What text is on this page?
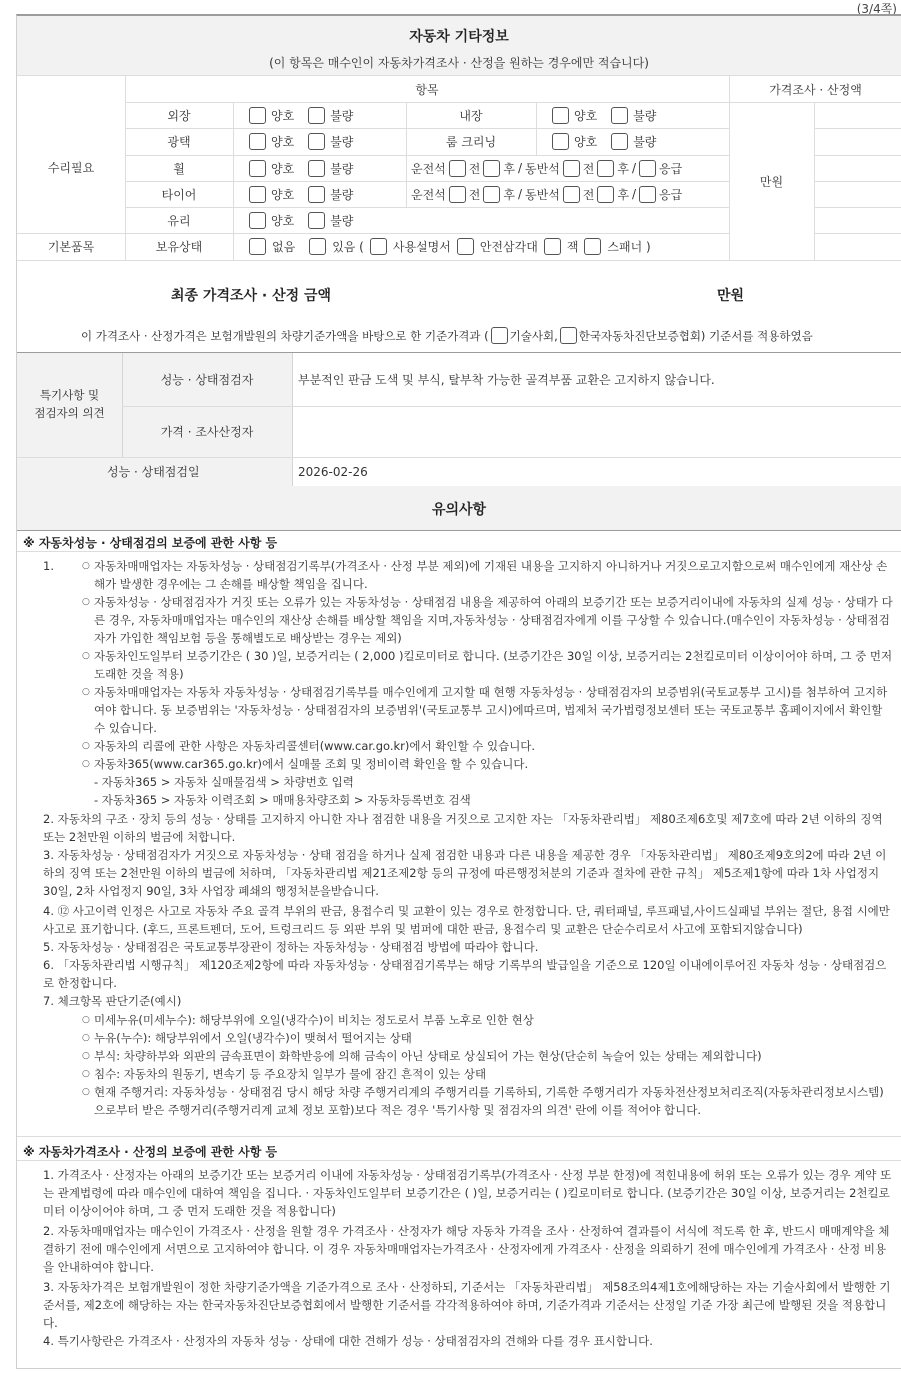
(3/4쪽)
자동차 기타정보
(이 항목은 매수인이 자동차가격조사 · 산정을 원하는 경우에만 적습니다)
항목	가격조사 · 산정액
수리필요
기본품목
외장
광택
휠
타이어
유리
보유상태
양호	불량
양호	불량
양호	불량
양호	불량
양호	불량
내장
룸 크리닝
양호	불량
양호	불량
운전석 전 후 / 동반석 전 후 / 응급
운전석 전 후 / 동반석 전 후 / 응급
없음	있음 ( 사용설명서 안전삼각대 잭 스패너 )
만원
최종 가격조사 · 산정 금액	만원
이 가격조사 · 산정가격은 보험개발원의 차량기준가액을 바탕으로 한 기준가격과 ( 기술사회, 한국자동차진단보증협회) 기준서를 적용하였음
특기사항 및
점검자의 의견
성능 · 상태점검자	부분적인 판금 도색 및 부식, 탈부착 가능한 골격부품 교환은 고지하지 않습니다.
가격 · 조사산정자
성능 · 상태점검일	2026-02-26
유의사항
※ 자동차성능 · 상태점검의 보증에 관한 사항 등
1.
○	자동차매매업자는 자동차성능 · 상태점검기록부(가격조사 · 산정 부분 제외)에 기재된 내용을 고지하지 아니하거나 거짓으로고지함으로써 매수인에게 재산상 손해가 발생한 경우에는 그 손해를 배상할 책임을 집니다.
○ 자동차성능 · 상태점검자가 거짓 또는 오류가 있는 자동차성능 · 상태점검 내용을 제공하여 아래의 보증기간 또는 보증거리이내에 자동차의 실제 성능 · 상태가 다른 경우, 자동차매매업자는 매수인의 재산상 손해를 배상할 책임을 지며,자동차성능 · 상태점검자에게 이를 구상할 수 있습니다.(매수인이 자동차성능 · 상태점검자가 가입한 책임보험 등을 통해별도로 배상받는 경우는 제외)
○ 자동차인도일부터 보증기간은 ( 30 )일, 보증거리는 ( 2,000 )킬로미터로 합니다. (보증기간은 30일 이상, 보증거리는 2천킬로미터 이상이어야 하며, 그 중 먼저 도래한 것을 적용)
○ 자동차매매업자는 자동차 자동차성능 · 상태점검기록부를 매수인에게 고지할 때 현행 자동차성능 · 상태점검자의 보증범위(국토교통부 고시)를 첨부하여 고지하여야 합니다. 동 보증범위는 '자동차성능 · 상태점검자의 보증범위'(국토교통부 고시)에따르며, 법제처 국가법령정보센터 또는 국토교통부 홈페이지에서 확인할 수 있습니다.
○ 자동차의 리콜에 관한 사항은 자동차리콜센터(www.car.go.kr)에서 확인할 수 있습니다.
○ 자동차365(www.car365.go.kr)에서 실매물 조회 및 정비이력 확인을 할 수 있습니다.
- 자동차365 > 자동차 실매물검색 > 차량번호 입력
- 자동차365 > 자동차 이력조회 > 매매용차량조회 > 자동차등록번호 검색
2. 자동차의 구조 · 장치 등의 성능 · 상태를 고지하지 아니한 자나 점검한 내용을 거짓으로 고지한 자는 「자동차관리법」 제80조제6호및 제7호에 따라 2년 이하의 징역 또는 2천만원 이하의 벌금에 처합니다.
3. 자동차성능 · 상태점검자가 거짓으로 자동차성능 · 상태 점검을 하거나 실제 점검한 내용과 다른 내용을 제공한 경우 「자동차관리법」 제80조제9호의2에 따라 2년 이하의 징역 또는 2천만원 이하의 벌금에 처하며, 「자동차관리법 제21조제2항 등의 규정에 따른행정처분의 기준과 절차에 관한 규칙」 제5조제1항에 따라 1차 사업정지 30일, 2차 사업정지 90일, 3차 사업장 폐쇄의 행정처분을받습니다.
4. ⑫ 사고이력 인정은 사고로 자동차 주요 골격 부위의 판금, 용접수리 및 교환이 있는 경우로 한정합니다. 단, 쿼터패널, 루프패널,사이드실패널 부위는 절단, 용접 시에만 사고로 표기합니다. (후드, 프론트펜더, 도어, 트렁크리드 등 외판 부위 및 범퍼에 대한 판금, 용접수리 및 교환은 단순수리로서 사고에 포함되지않습니다)
5. 자동차성능 · 상태점검은 국토교통부장관이 정하는 자동차성능 · 상태점검 방법에 따라야 합니다.
6. 「자동차관리법 시행규칙」 제120조제2항에 따라 자동차성능 · 상태점검기록부는 해당 기록부의 발급일을 기준으로 120일 이내에이루어진 자동차 성능 · 상태점검으로 한정합니다.
7. 체크항목 판단기준(예시)
○ 미세누유(미세누수): 해당부위에 오일(냉각수)이 비치는 정도로서 부품 노후로 인한 현상
○ 누유(누수): 해당부위에서 오일(냉각수)이 맺혀서 떨어지는 상태
○ 부식: 차량하부와 외판의 금속표면이 화학반응에 의해 금속이 아닌 상태로 상실되어 가는 현상(단순히 녹슬어 있는 상태는 제외합니다)
○ 침수: 자동차의 원동기, 변속기 등 주요장치 일부가 물에 잠긴 흔적이 있는 상태
○ 현재 주행거리: 자동차성능 · 상태점검 당시 해당 차량 주행거리계의 주행거리를 기록하되, 기록한 주행거리가 자동차전산정보처리조직(자동차관리정보시스템)으로부터 받은 주행거리(주행거리계 교체 정보 포함)보다 적은 경우 '특기사항 및 점검자의 의견' 란에 이를 적어야 합니다.
※ 자동차가격조사 · 산정의 보증에 관한 사항 등
1. 가격조사 · 산정자는 아래의 보증기간 또는 보증거리 이내에 자동차성능 · 상태점검기록부(가격조사 · 산정 부분 한정)에 적힌내용에 허위 또는 오류가 있는 경우 계약 또는 관계법령에 따라 매수인에 대하여 책임을 집니다. · 자동차인도일부터 보증기간은 ( )일, 보증거리는 ( )킬로미터로 합니다. (보증기간은 30일 이상, 보증거리는 2천킬로미터 이상이어야 하며, 그 중 먼저 도래한 것을 적용합니다)
2. 자동차매매업자는 매수인이 가격조사 · 산정을 원할 경우 가격조사 · 산정자가 해당 자동차 가격을 조사 · 산정하여 결과를이 서식에 적도록 한 후, 반드시 매매계약을 체결하기 전에 매수인에게 서면으로 고지하여야 합니다. 이 경우 자동차매매업자는가격조사 · 산정자에게 가격조사 · 산정을 의뢰하기 전에 매수인에게 가격조사 · 산정 비용을 안내하여야 합니다.
3. 자동차가격은 보험개발원이 정한 차량기준가액을 기준가격으로 조사 · 산정하되, 기준서는 「자동차관리법」 제58조의4제1호에해당하는 자는 기술사회에서 발행한 기준서를, 제2호에 해당하는 자는 한국자동차진단보증협회에서 발행한 기준서를 각각적용하여야 하며, 기준가격과 기준서는 산정일 기준 가장 최근에 발행된 것을 적용합니다.
4. 특기사항란은 가격조사 · 산정자의 자동차 성능 · 상태에 대한 견해가 성능 · 상태점검자의 견해와 다를 경우 표시합니다.
